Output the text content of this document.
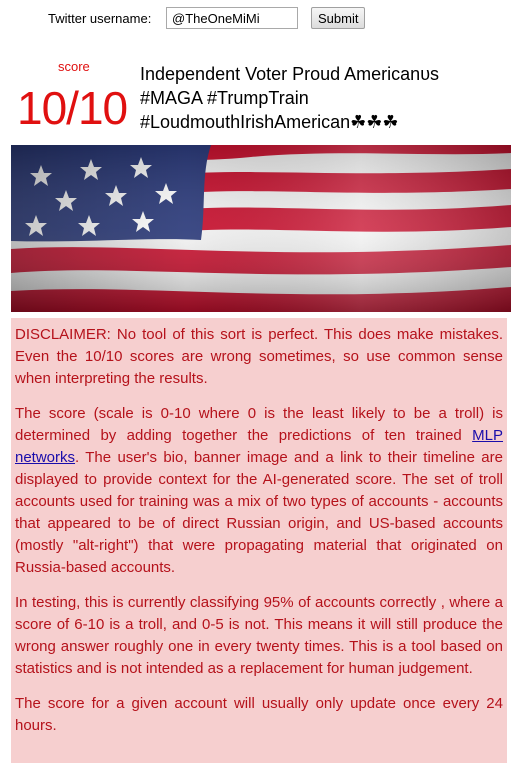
Twitter username:
@TheOneMiMi	Submit
score
10/10
Independent Voter Proud Americanᴜs
#MAGA #TrumpTrain
#LoudmouthIrishAmerican☘☘☘

DISCLAIMER: No tool of this sort is perfect. This does make mistakes. Even the 10/10 scores are wrong sometimes, so use common sense when interpreting the results.

The score (scale is 0-10 where 0 is the least likely to be a troll) is determined by adding together the predictions of ten trained MLP networks. The user's bio, banner image and a link to their timeline are displayed to provide context for the AI-generated score. The set of troll accounts used for training was a mix of two types of accounts - accounts that appeared to be of direct Russian origin, and US-based accounts (mostly "alt-right") that were propagating material that originated on Russia-based accounts.

In testing, this is currently classifying 95% of accounts correctly , where a score of 6-10 is a troll, and 0-5 is not. This means it will still produce the wrong answer roughly one in every twenty times. This is a tool based on statistics and is not intended as a replacement for human judgement.

The score for a given account will usually only update once every 24 hours.
